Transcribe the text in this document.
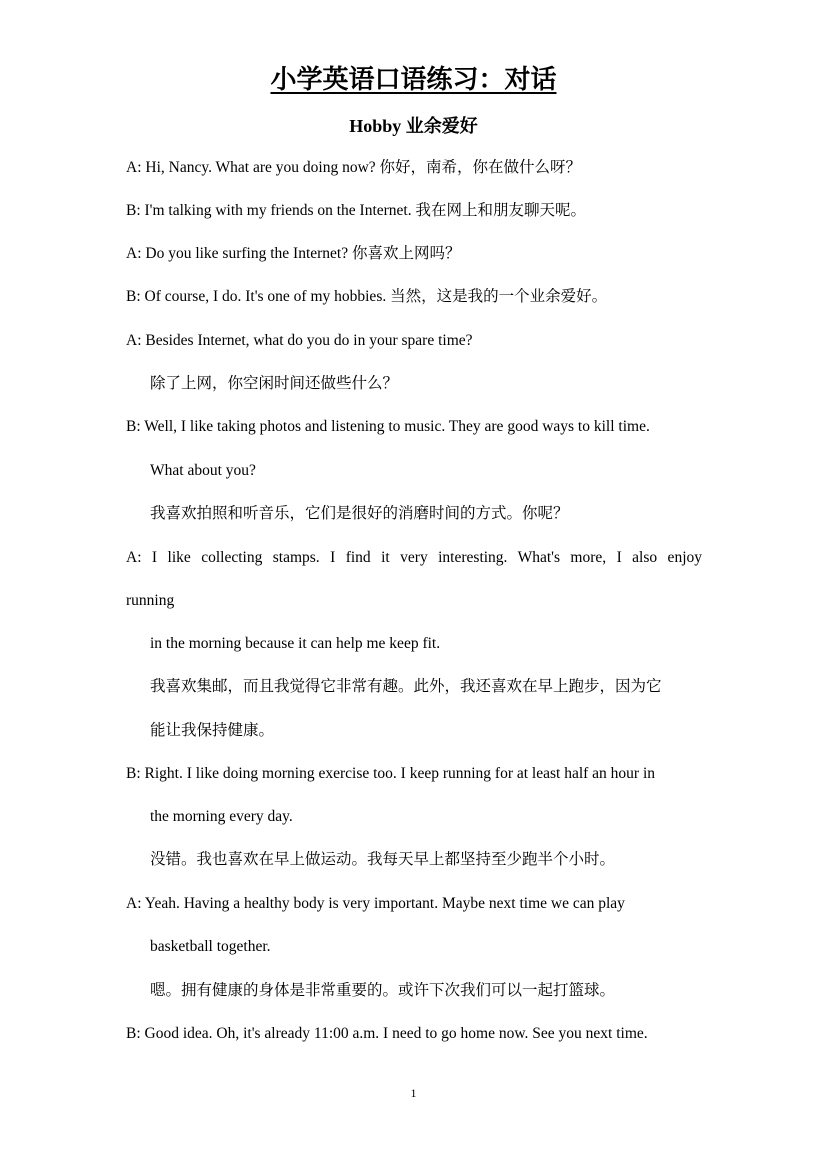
小学英语口语练习：对话
Hobby 业余爱好
A: Hi, Nancy. What are you doing now? 你好，南希，你在做什么呀？
B: I'm talking with my friends on the Internet. 我在网上和朋友聊天呢。
A: Do you like surfing the Internet? 你喜欢上网吗？
B: Of course, I do. It's one of my hobbies. 当然，这是我的一个业余爱好。
A: Besides Internet, what do you do in your spare time?
除了上网，你空闲时间还做些什么？
B: Well, I like taking photos and listening to music. They are good ways to kill time.
What about you?
我喜欢拍照和听音乐，它们是很好的消磨时间的方式。你呢？
A: I like collecting stamps. I find it very interesting. What's more, I also enjoy
running
in the morning because it can help me keep fit.
我喜欢集邮，而且我觉得它非常有趣。此外，我还喜欢在早上跑步，因为它
能让我保持健康。
B: Right. I like doing morning exercise too. I keep running for at least half an hour in
the morning every day.
没错。我也喜欢在早上做运动。我每天早上都坚持至少跑半个小时。
A: Yeah. Having a healthy body is very important. Maybe next time we can play
basketball together.
嗯。拥有健康的身体是非常重要的。或许下次我们可以一起打篮球。
B: Good idea. Oh, it's already 11:00 a.m. I need to go home now. See you next time.
1
